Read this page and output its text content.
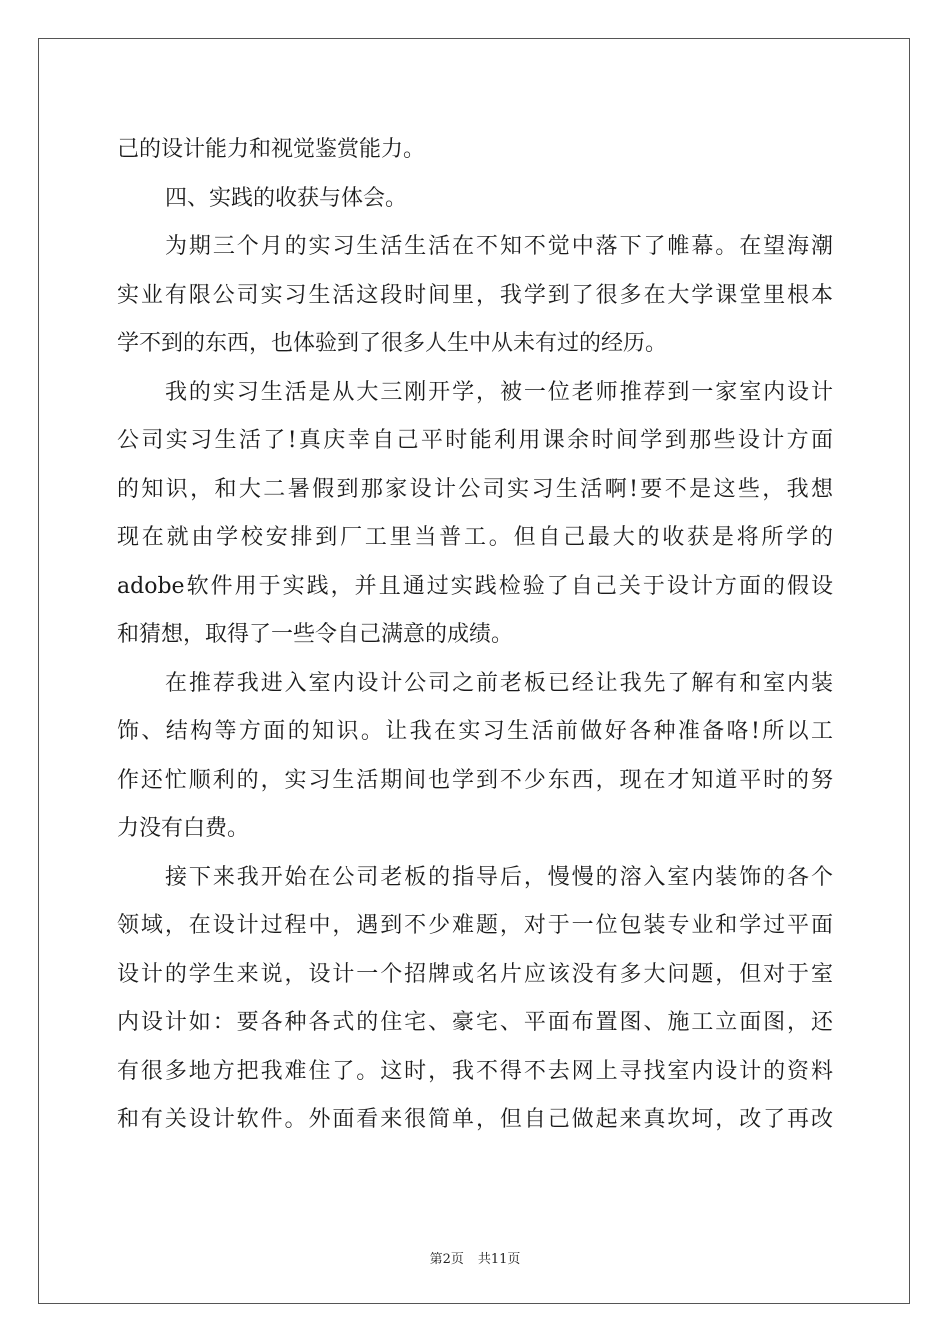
己的设计能力和视觉鉴赏能力。
四、实践的收获与体会。
为期三个月的实习生活生活在不知不觉中落下了帷幕。在望海潮
实业有限公司实习生活这段时间里，我学到了很多在大学课堂里根本
学不到的东西，也体验到了很多人生中从未有过的经历。
我的实习生活是从大三刚开学，被一位老师推荐到一家室内设计
公司实习生活了!真庆幸自己平时能利用课余时间学到那些设计方面
的知识，和大二暑假到那家设计公司实习生活啊!要不是这些，我想
现在就由学校安排到厂工里当普工。但自己最大的收获是将所学的
adobe软件用于实践，并且通过实践检验了自己关于设计方面的假设
和猜想，取得了一些令自己满意的成绩。
在推荐我进入室内设计公司之前老板已经让我先了解有和室内装
饰、结构等方面的知识。让我在实习生活前做好各种准备咯!所以工
作还忙顺利的，实习生活期间也学到不少东西，现在才知道平时的努
力没有白费。
接下来我开始在公司老板的指导后，慢慢的溶入室内装饰的各个
领域，在设计过程中，遇到不少难题，对于一位包装专业和学过平面
设计的学生来说，设计一个招牌或名片应该没有多大问题，但对于室
内设计如：要各种各式的住宅、豪宅、平面布置图、施工立面图，还
有很多地方把我难住了。这时，我不得不去网上寻找室内设计的资料
和有关设计软件。外面看来很简单，但自己做起来真坎坷，改了再改
第2页 共11页
